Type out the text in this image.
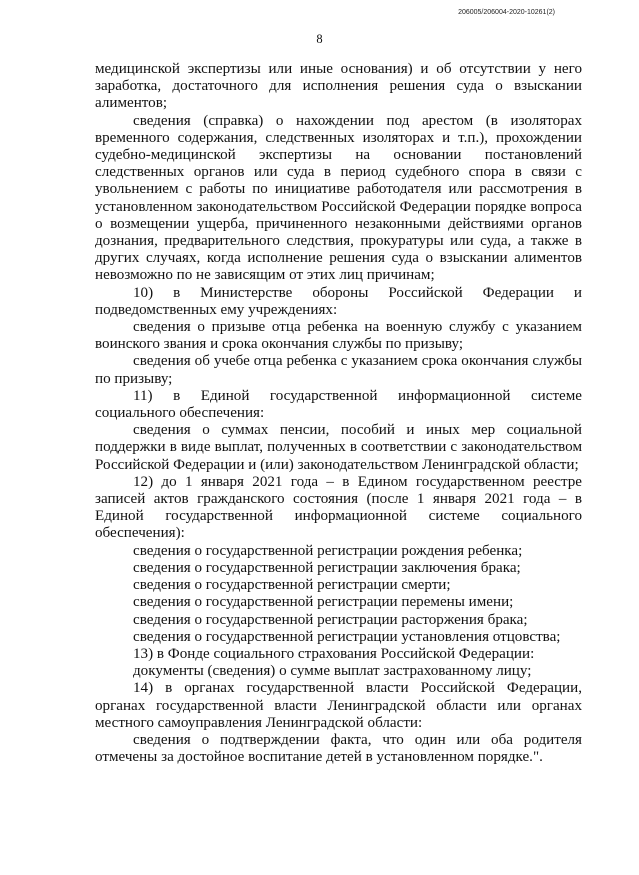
206005/206004-2020-10261(2)
8

медицинской экспертизы или иные основания) и об отсутствии у него заработка, достаточного для исполнения решения суда о взыскании алиментов;

сведения (справка) о нахождении под арестом (в изоляторах временного содержания, следственных изоляторах и т.п.), прохождении судебно-медицинской экспертизы на основании постановлений следственных органов или суда в период судебного спора в связи с увольнением с работы по инициативе работодателя или рассмотрения в установленном законодательством Российской Федерации порядке вопроса о возмещении ущерба, причиненного незаконными действиями органов дознания, предварительного следствия, прокуратуры или суда, а также в других случаях, когда исполнение решения суда о взыскании алиментов невозможно по не зависящим от этих лиц причинам;

10) в Министерстве обороны Российской Федерации и подведомственных ему учреждениях:

сведения о призыве отца ребенка на военную службу с указанием воинского звания и срока окончания службы по призыву;

сведения об учебе отца ребенка с указанием срока окончания службы по призыву;

11) в Единой государственной информационной системе социального обеспечения:

сведения о суммах пенсии, пособий и иных мер социальной поддержки в виде выплат, полученных в соответствии с законодательством Российской Федерации и (или) законодательством Ленинградской области;

12) до 1 января 2021 года – в Едином государственном реестре записей актов гражданского состояния (после 1 января 2021 года – в Единой государственной информационной системе социального обеспечения):

сведения о государственной регистрации рождения ребенка;

сведения о государственной регистрации заключения брака;

сведения о государственной регистрации смерти;

сведения о государственной регистрации перемены имени;

сведения о государственной регистрации расторжения брака;

сведения о государственной регистрации установления отцовства;

13) в Фонде социального страхования Российской Федерации:

документы (сведения) о сумме выплат застрахованному лицу;

14) в органах государственной власти Российской Федерации, органах государственной власти Ленинградской области или органах местного самоуправления Ленинградской области:

сведения о подтверждении факта, что один или оба родителя отмечены за достойное воспитание детей в установленном порядке.".
